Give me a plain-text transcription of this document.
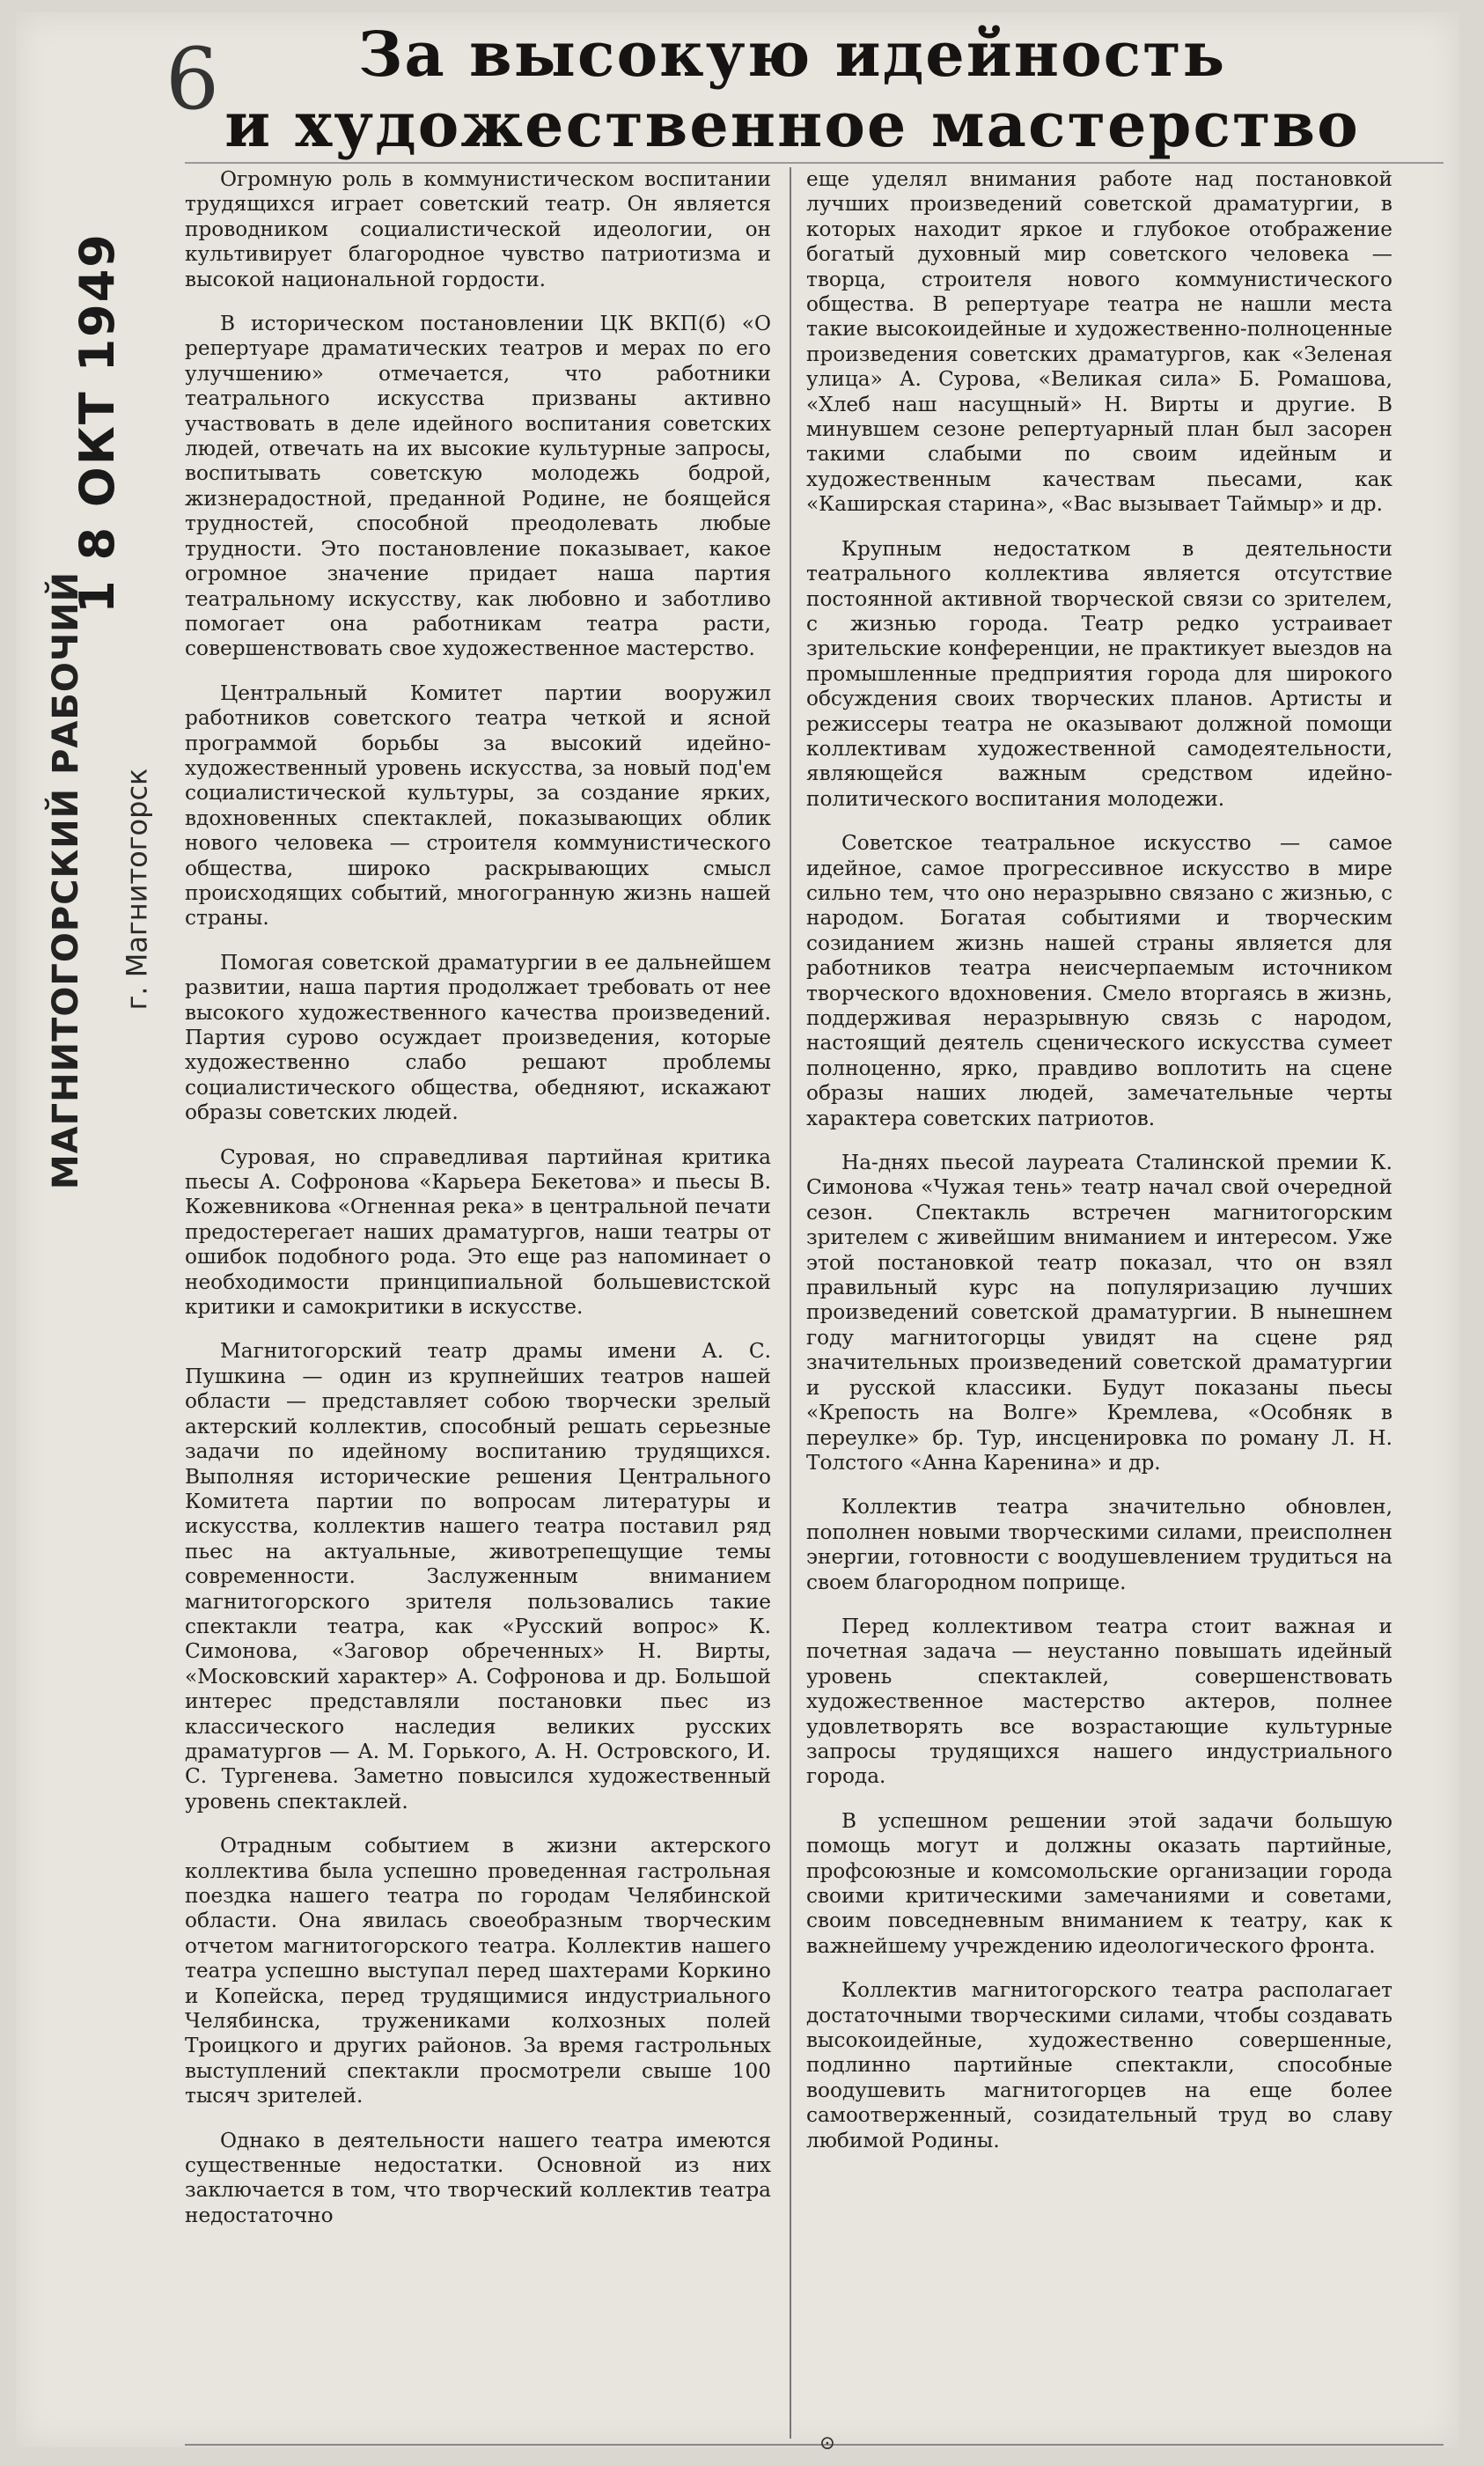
1 8 ОКТ 1949
МАГНИТОГОРСКИЙ РАБОЧИЙ г. Магнитогорск
6	За высокую идейность
и художественное мастерство

Огромную роль в коммунистическом воспитании трудящихся играет советский театр. Он является проводником социалистической идеологии, он культивирует благородное чувство патриотизма и высокой национальной гордости.

В историческом постановлении ЦК ВКП(б) «О репертуаре драматических театров и мерах по его улучшению» отмечается, что работники театрального искусства призваны активно участвовать в деле идейного воспитания советских людей, отвечать на их высокие культурные запросы, воспитывать советскую молодежь бодрой, жизнерадостной, преданной Родине, не боящейся трудностей, способной преодолевать любые трудности. Это постановление показывает, какое огромное значение придает наша партия театральному искусству, как любовно и заботливо помогает она работникам театра расти, совершенствовать свое художественное мастерство.

Центральный Комитет партии вооружил работников советского театра четкой и ясной программой борьбы за высокий идейно-художественный уровень искусства, за новый под'ем социалистической культуры, за создание ярких, вдохновенных спектаклей, показывающих облик нового человека — строителя коммунистического общества, широко раскрывающих смысл происходящих событий, многогранную жизнь нашей страны.

Помогая советской драматургии в ее дальнейшем развитии, наша партия продолжает требовать от нее высокого художественного качества произведений. Партия сурово осуждает произведения, которые художественно слабо решают проблемы социалистического общества, обедняют, искажают образы советских людей.

Суровая, но справедливая партийная критика пьесы А. Софронова «Карьера Бекетова» и пьесы В. Кожевникова «Огненная река» в центральной печати предостерегает наших драматургов, наши театры от ошибок подобного рода. Это еще раз напоминает о необходимости принципиальной большевистской критики и самокритики в искусстве.

Магнитогорский театр драмы имени А. С. Пушкина — один из крупнейших театров нашей области — представляет собою творчески зрелый актерский коллектив, способный решать серьезные задачи по идейному воспитанию трудящихся. Выполняя исторические решения Центрального Комитета партии по вопросам литературы и искусства, коллектив нашего театра поставил ряд пьес на актуальные, животрепещущие темы современности. Заслуженным вниманием магнитогорского зрителя пользовались такие спектакли театра, как «Русский вопрос» К. Симонова, «Заговор обреченных» Н. Вирты, «Московский характер» А. Софронова и др. Большой интерес представляли постановки пьес из классического наследия великих русских драматургов — А. М. Горького, А. Н. Островского, И. С. Тургенева. Заметно повысился художественный уровень спектаклей.

Отрадным событием в жизни актерского коллектива была успешно проведенная гастрольная поездка нашего театра по городам Челябинской области. Она явилась своеобразным творческим отчетом магнитогорского театра. Коллектив нашего театра успешно выступал перед шахтерами Коркино и Копейска, перед трудящимися индустриального Челябинска, тружениками колхозных полей Троицкого и других районов. За время гастрольных выступлений спектакли просмотрели свыше 100 тысяч зрителей.

Однако в деятельности нашего театра имеются существенные недостатки. Основной из них заключается в том, что творческий коллектив театра недостаточно

еще уделял внимания работе над постановкой лучших произведений советской драматургии, в которых находит яркое и глубокое отображение богатый духовный мир советского человека — творца, строителя нового коммунистического общества. В репертуаре театра не нашли места такие высокоидейные и художественно-полноценные произведения советских драматургов, как «Зеленая улица» А. Сурова, «Великая сила» Б. Ромашова, «Хлеб наш насущный» Н. Вирты и другие. В минувшем сезоне репертуарный план был засорен такими слабыми по своим идейным и художественным качествам пьесами, как «Каширская старина», «Вас вызывает Таймыр» и др.

Крупным недостатком в деятельности театрального коллектива является отсутствие постоянной активной творческой связи со зрителем, с жизнью города. Театр редко устраивает зрительские конференции, не практикует выездов на промышленные предприятия города для широкого обсуждения своих творческих планов. Артисты и режиссеры театра не оказывают должной помощи коллективам художественной самодеятельности, являющейся важным средством идейно-политического воспитания молодежи.

Советское театральное искусство — самое идейное, самое прогрессивное искусство в мире сильно тем, что оно неразрывно связано с жизнью, с народом. Богатая событиями и творческим созиданием жизнь нашей страны является для работников театра неисчерпаемым источником творческого вдохновения. Смело вторгаясь в жизнь, поддерживая неразрывную связь с народом, настоящий деятель сценического искусства сумеет полноценно, ярко, правдиво воплотить на сцене образы наших людей, замечательные черты характера советских патриотов.

На-днях пьесой лауреата Сталинской премии К. Симонова «Чужая тень» театр начал свой очередной сезон. Спектакль встречен магнитогорским зрителем с живейшим вниманием и интересом. Уже этой постановкой театр показал, что он взял правильный курс на популяризацию лучших произведений советской драматургии. В нынешнем году магнитогорцы увидят на сцене ряд значительных произведений советской драматургии и русской классики. Будут показаны пьесы «Крепость на Волге» Кремлева, «Особняк в переулке» бр. Тур, инсценировка по роману Л. Н. Толстого «Анна Каренина» и др.

Коллектив театра значительно обновлен, пополнен новыми творческими силами, преисполнен энергии, готовности с воодушевлением трудиться на своем благородном поприще.

Перед коллективом театра стоит важная и почетная задача — неустанно повышать идейный уровень спектаклей, совершенствовать художественное мастерство актеров, полнее удовлетворять все возрастающие культурные запросы трудящихся нашего индустриального города.

В успешном решении этой задачи большую помощь могут и должны оказать партийные, профсоюзные и комсомольские организации города своими критическими замечаниями и советами, своим повседневным вниманием к театру, как к важнейшему учреждению идеологического фронта.

Коллектив магнитогорского театра располагает достаточными творческими силами, чтобы создавать высокоидейные, художественно совершенные, подлинно партийные спектакли, способные воодушевить магнитогорцев на еще более самоотверженный, созидательный труд во славу любимой Родины.

⊙
